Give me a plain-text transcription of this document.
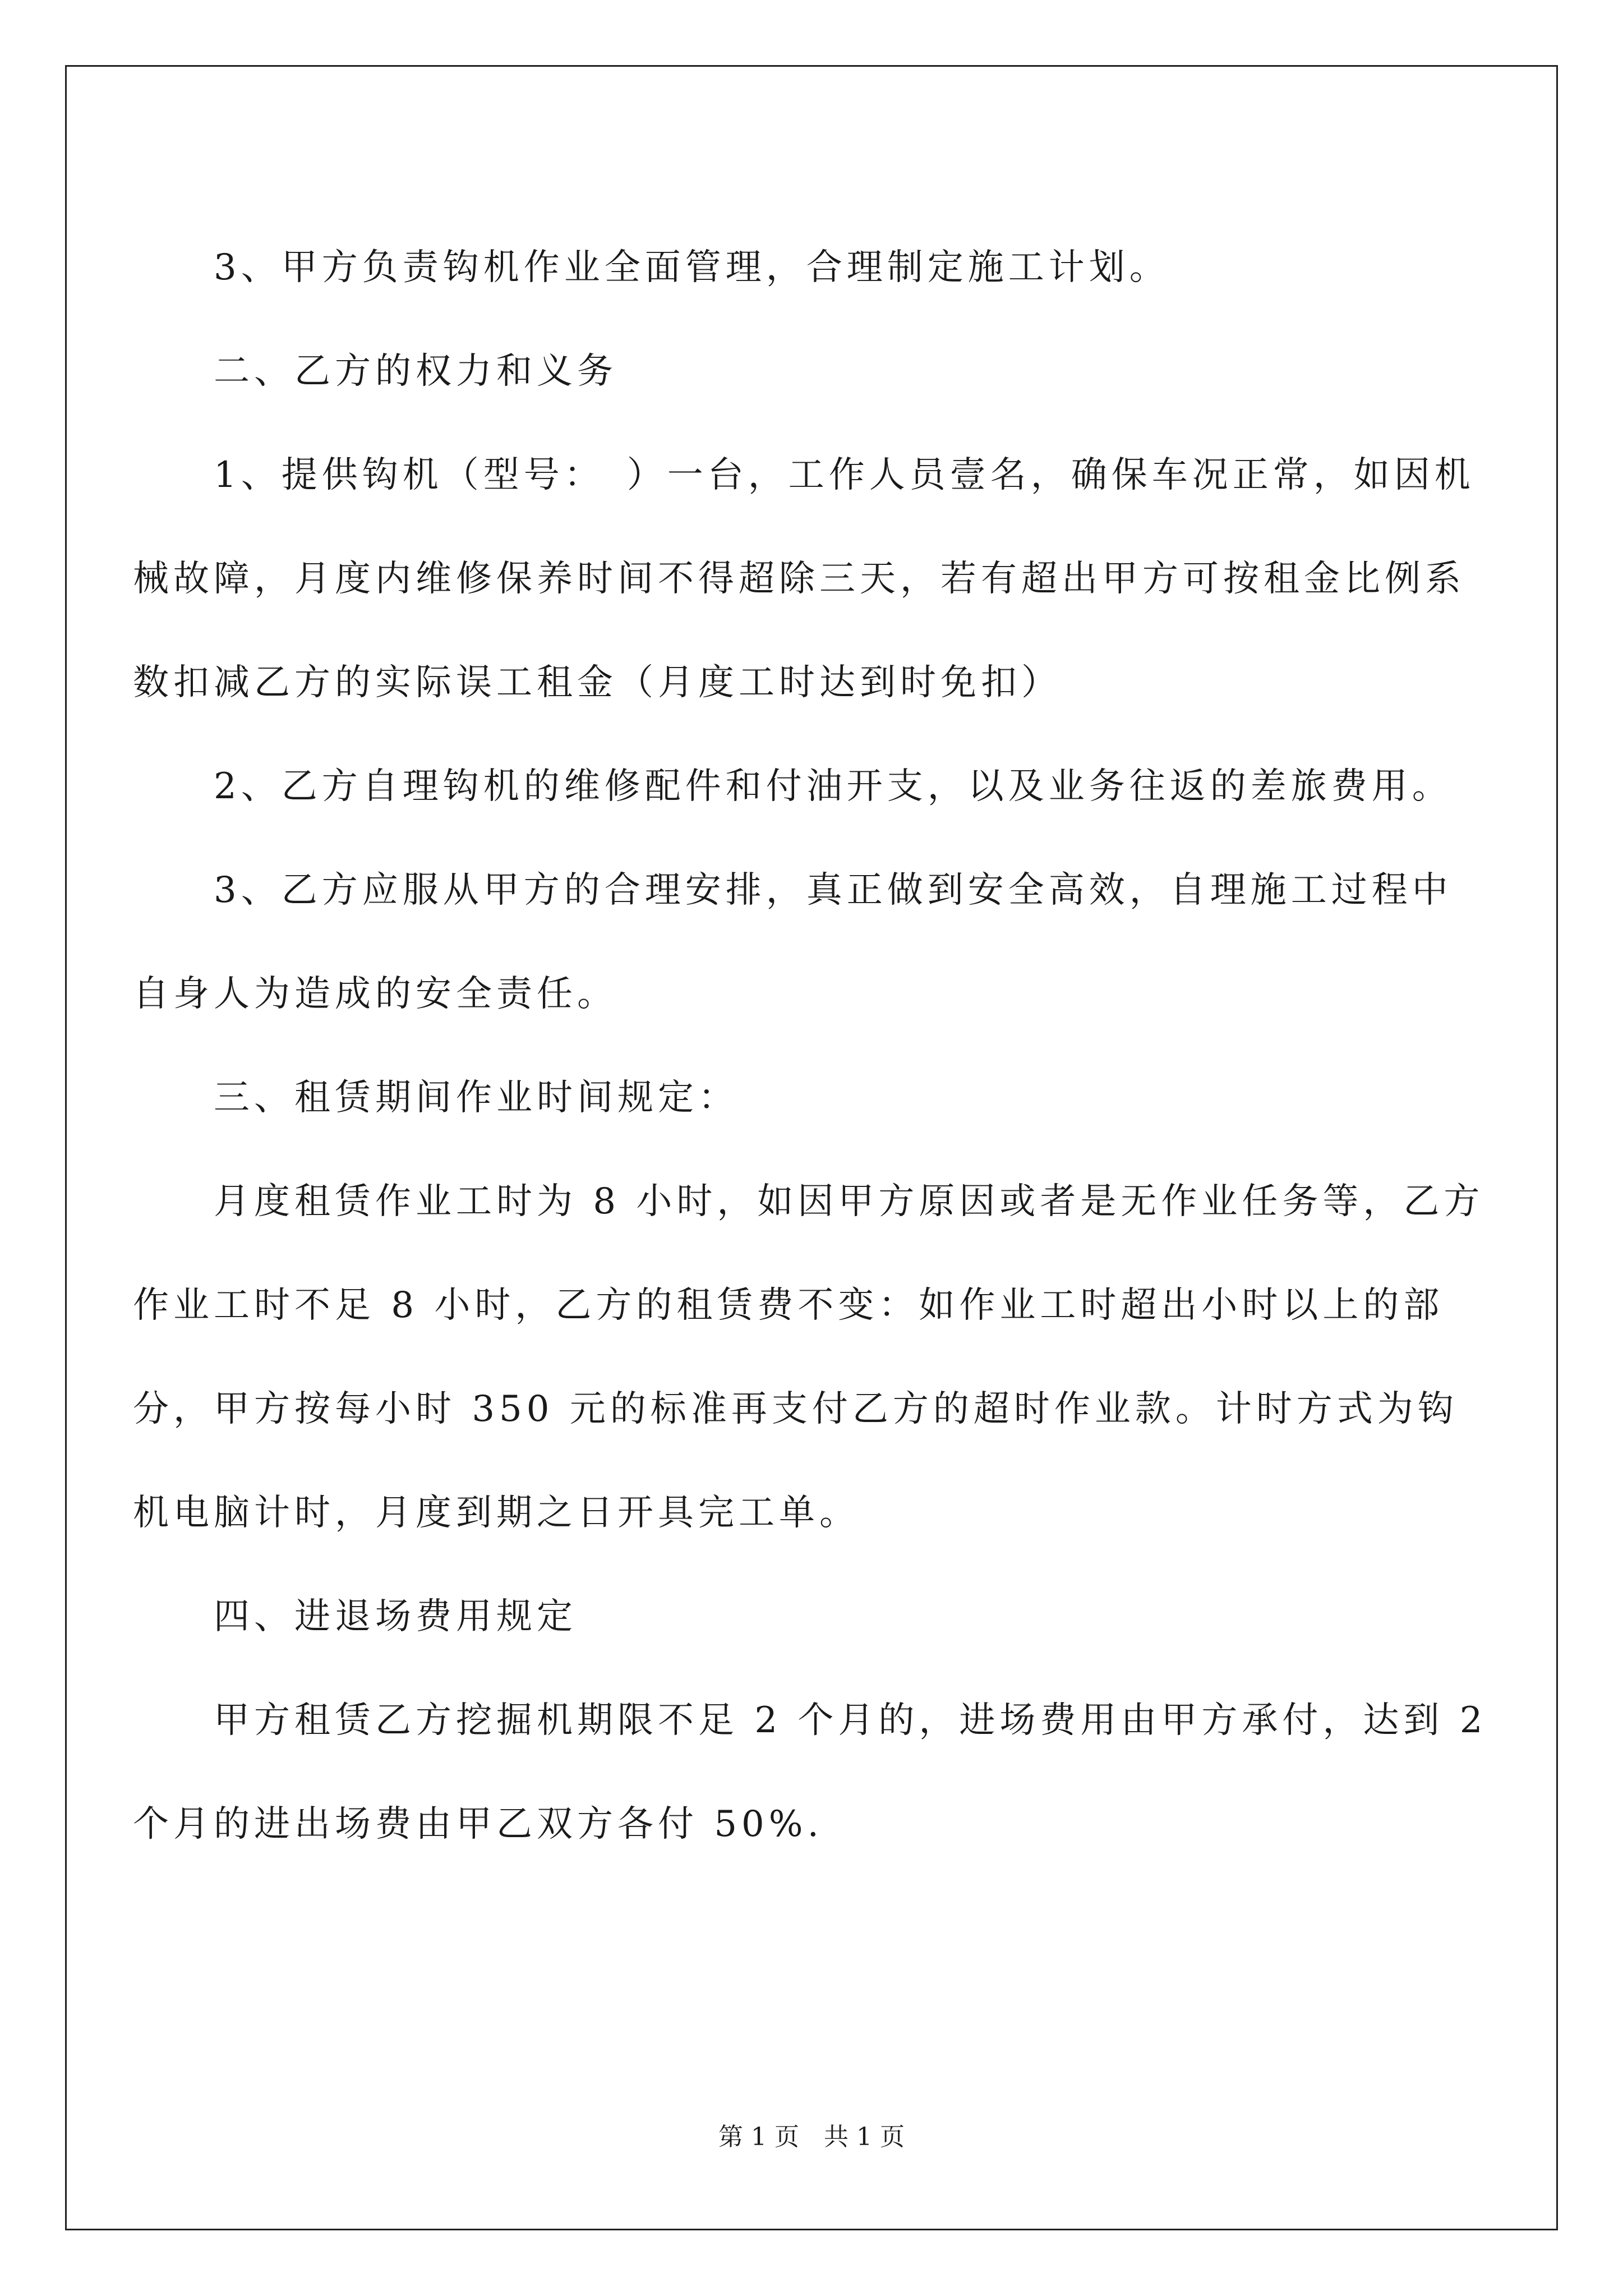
3、甲方负责钩机作业全面管理，合理制定施工计划。

二、乙方的权力和义务

1、提供钩机（型号：　）一台，工作人员壹名，确保车况正常，如因机械故障，月度内维修保养时间不得超除三天，若有超出甲方可按租金比例系数扣减乙方的实际误工租金（月度工时达到时免扣）

2、乙方自理钩机的维修配件和付油开支，以及业务往返的差旅费用。

3、乙方应服从甲方的合理安排，真正做到安全高效，自理施工过程中自身人为造成的安全责任。

三、租赁期间作业时间规定：

月度租赁作业工时为 8 小时，如因甲方原因或者是无作业任务等，乙方作业工时不足 8 小时，乙方的租赁费不变：如作业工时超出小时以上的部分，甲方按每小时 350 元的标准再支付乙方的超时作业款。计时方式为钩机电脑计时，月度到期之日开具完工单。

四、进退场费用规定

甲方租赁乙方挖掘机期限不足 2 个月的，进场费用由甲方承付，达到 2 个月的进出场费由甲乙双方各付 50%.

第 1 页 共 1 页
